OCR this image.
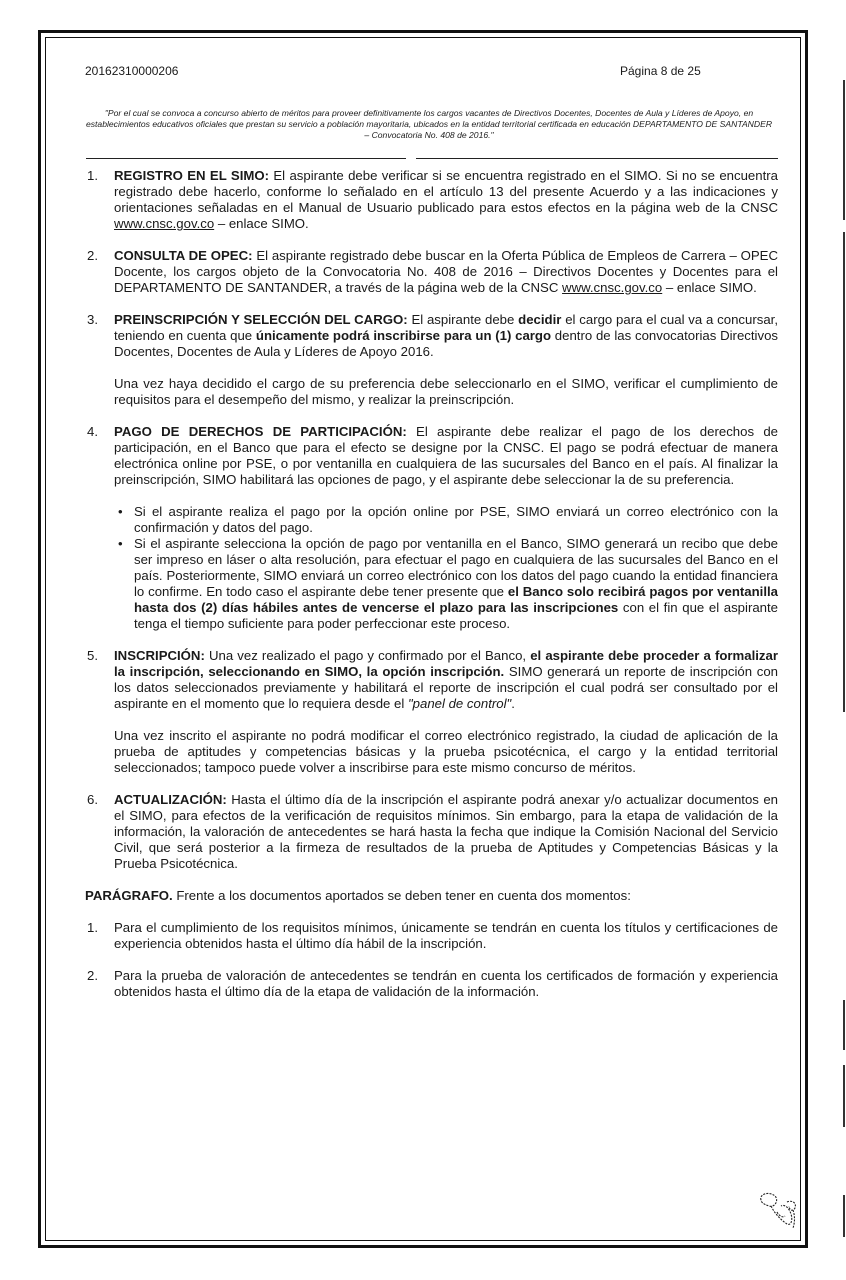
20162310000206	Página 8 de 25
"Por el cual se convoca a concurso abierto de méritos para proveer definitivamente los cargos vacantes de Directivos Docentes, Docentes de Aula y Líderes de Apoyo, en establecimientos educativos oficiales que prestan su servicio a población mayoritaria, ubicados en la entidad territorial certificada en educación DEPARTAMENTO DE SANTANDER – Convocatoria No. 408 de 2016."
1. REGISTRO EN EL SIMO: El aspirante debe verificar si se encuentra registrado en el SIMO. Si no se encuentra registrado debe hacerlo, conforme lo señalado en el artículo 13 del presente Acuerdo y a las indicaciones y orientaciones señaladas en el Manual de Usuario publicado para estos efectos en la página web de la CNSC www.cnsc.gov.co – enlace SIMO.

2. CONSULTA DE OPEC: El aspirante registrado debe buscar en la Oferta Pública de Empleos de Carrera – OPEC Docente, los cargos objeto de la Convocatoria No. 408 de 2016 – Directivos Docentes y Docentes para el DEPARTAMENTO DE SANTANDER, a través de la página web de la CNSC www.cnsc.gov.co – enlace SIMO.

3. PREINSCRIPCIÓN Y SELECCIÓN DEL CARGO: El aspirante debe decidir el cargo para el cual va a concursar, teniendo en cuenta que únicamente podrá inscribirse para un (1) cargo dentro de las convocatorias Directivos Docentes, Docentes de Aula y Líderes de Apoyo 2016.

Una vez haya decidido el cargo de su preferencia debe seleccionarlo en el SIMO, verificar el cumplimiento de requisitos para el desempeño del mismo, y realizar la preinscripción.

4. PAGO DE DERECHOS DE PARTICIPACIÓN: El aspirante debe realizar el pago de los derechos de participación, en el Banco que para el efecto se designe por la CNSC. El pago se podrá efectuar de manera electrónica online por PSE, o por ventanilla en cualquiera de las sucursales del Banco en el país. Al finalizar la preinscripción, SIMO habilitará las opciones de pago, y el aspirante debe seleccionar la de su preferencia.

• Si el aspirante realiza el pago por la opción online por PSE, SIMO enviará un correo electrónico con la confirmación y datos del pago.
• Si el aspirante selecciona la opción de pago por ventanilla en el Banco, SIMO generará un recibo que debe ser impreso en láser o alta resolución, para efectuar el pago en cualquiera de las sucursales del Banco en el país. Posteriormente, SIMO enviará un correo electrónico con los datos del pago cuando la entidad financiera lo confirme. En todo caso el aspirante debe tener presente que el Banco solo recibirá pagos por ventanilla hasta dos (2) días hábiles antes de vencerse el plazo para las inscripciones con el fin que el aspirante tenga el tiempo suficiente para poder perfeccionar este proceso.
5. INSCRIPCIÓN: Una vez realizado el pago y confirmado por el Banco, el aspirante debe proceder a formalizar la inscripción, seleccionando en SIMO, la opción inscripción. SIMO generará un reporte de inscripción con los datos seleccionados previamente y habilitará el reporte de inscripción el cual podrá ser consultado por el aspirante en el momento que lo requiera desde el "panel de control".

Una vez inscrito el aspirante no podrá modificar el correo electrónico registrado, la ciudad de aplicación de la prueba de aptitudes y competencias básicas y la prueba psicotécnica, el cargo y la entidad territorial seleccionados; tampoco puede volver a inscribirse para este mismo concurso de méritos.

6. ACTUALIZACIÓN: Hasta el último día de la inscripción el aspirante podrá anexar y/o actualizar documentos en el SIMO, para efectos de la verificación de requisitos mínimos. Sin embargo, para la etapa de validación de la información, la valoración de antecedentes se hará hasta la fecha que indique la Comisión Nacional del Servicio Civil, que será posterior a la firmeza de resultados de la prueba de Aptitudes y Competencias Básicas y la Prueba Psicotécnica.

PARÁGRAFO. Frente a los documentos aportados se deben tener en cuenta dos momentos:

1. Para el cumplimiento de los requisitos mínimos, únicamente se tendrán en cuenta los títulos y certificaciones de experiencia obtenidos hasta el último día hábil de la inscripción.

2. Para la prueba de valoración de antecedentes se tendrán en cuenta los certificados de formación y experiencia obtenidos hasta el último día de la etapa de validación de la información.
